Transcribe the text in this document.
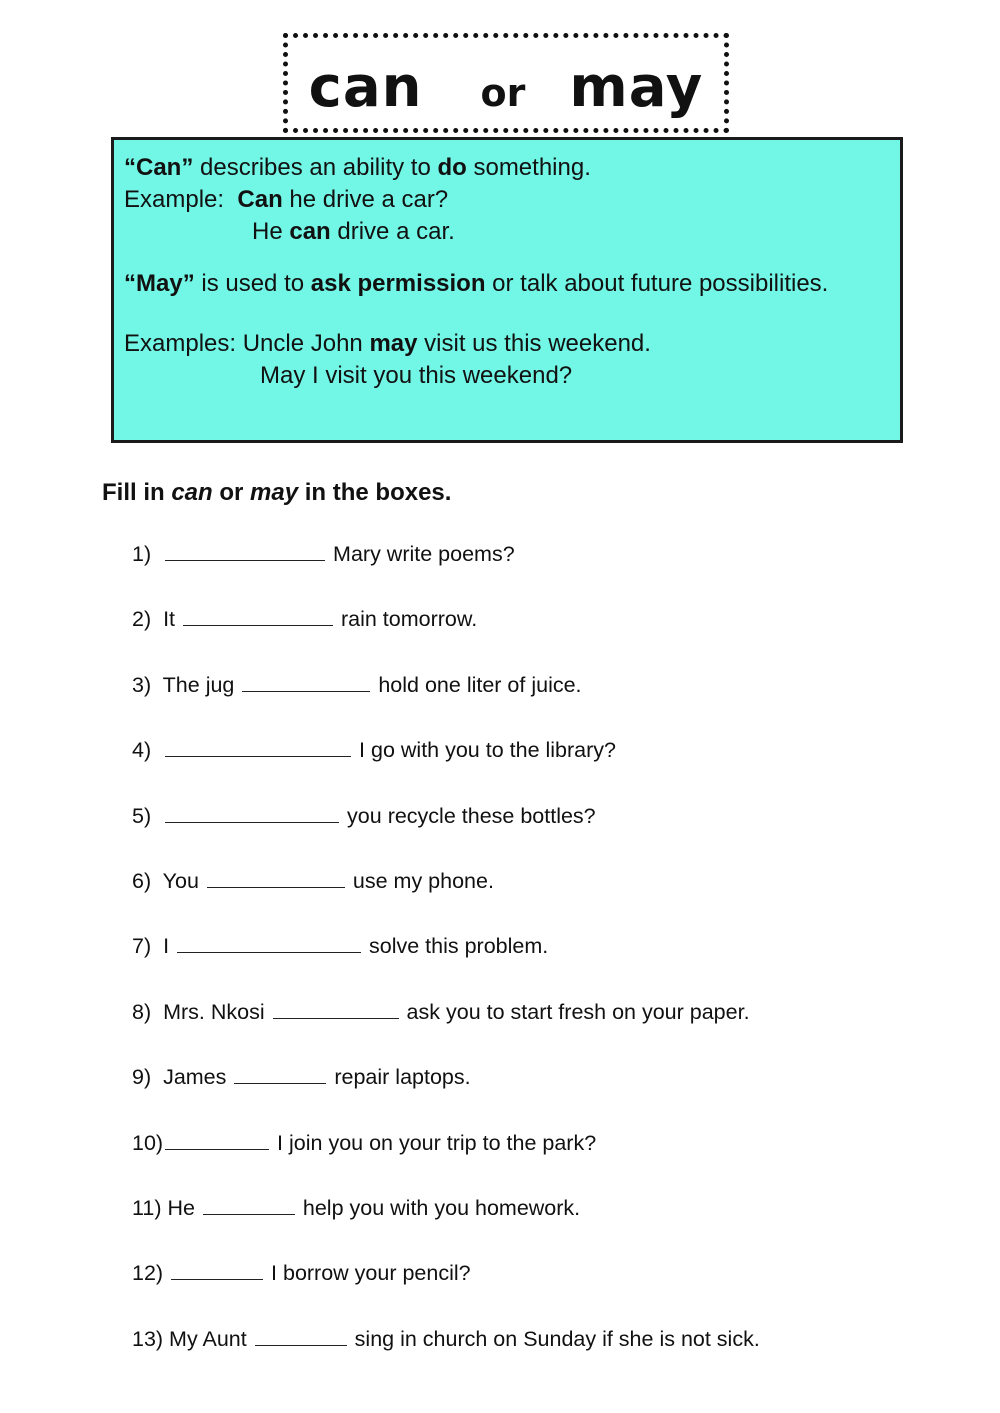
can or may

“Can” describes an ability to do something.

Example:  Can he drive a car?

He can drive a car.

“May” is used to ask permission or talk about future possibilities.

Examples: Uncle John may visit us this weekend.

May I visit you this weekend?

Fill in can or may in the boxes.
1)	Mary write poems?
2)  It	rain tomorrow.
3)  The jug	hold one liter of juice.
4)	I go with you to the library?
5)	you recycle these bottles?
6)  You	use my phone.
7)  I	solve this problem.
8)  Mrs. Nkosi	ask you to start fresh on your paper.
9)  James	repair laptops.
10)	I join you on your trip to the park?
11) He	help you with you homework.
12)	I borrow your pencil?
13) My Aunt	sing in church on Sunday if she is not sick.
